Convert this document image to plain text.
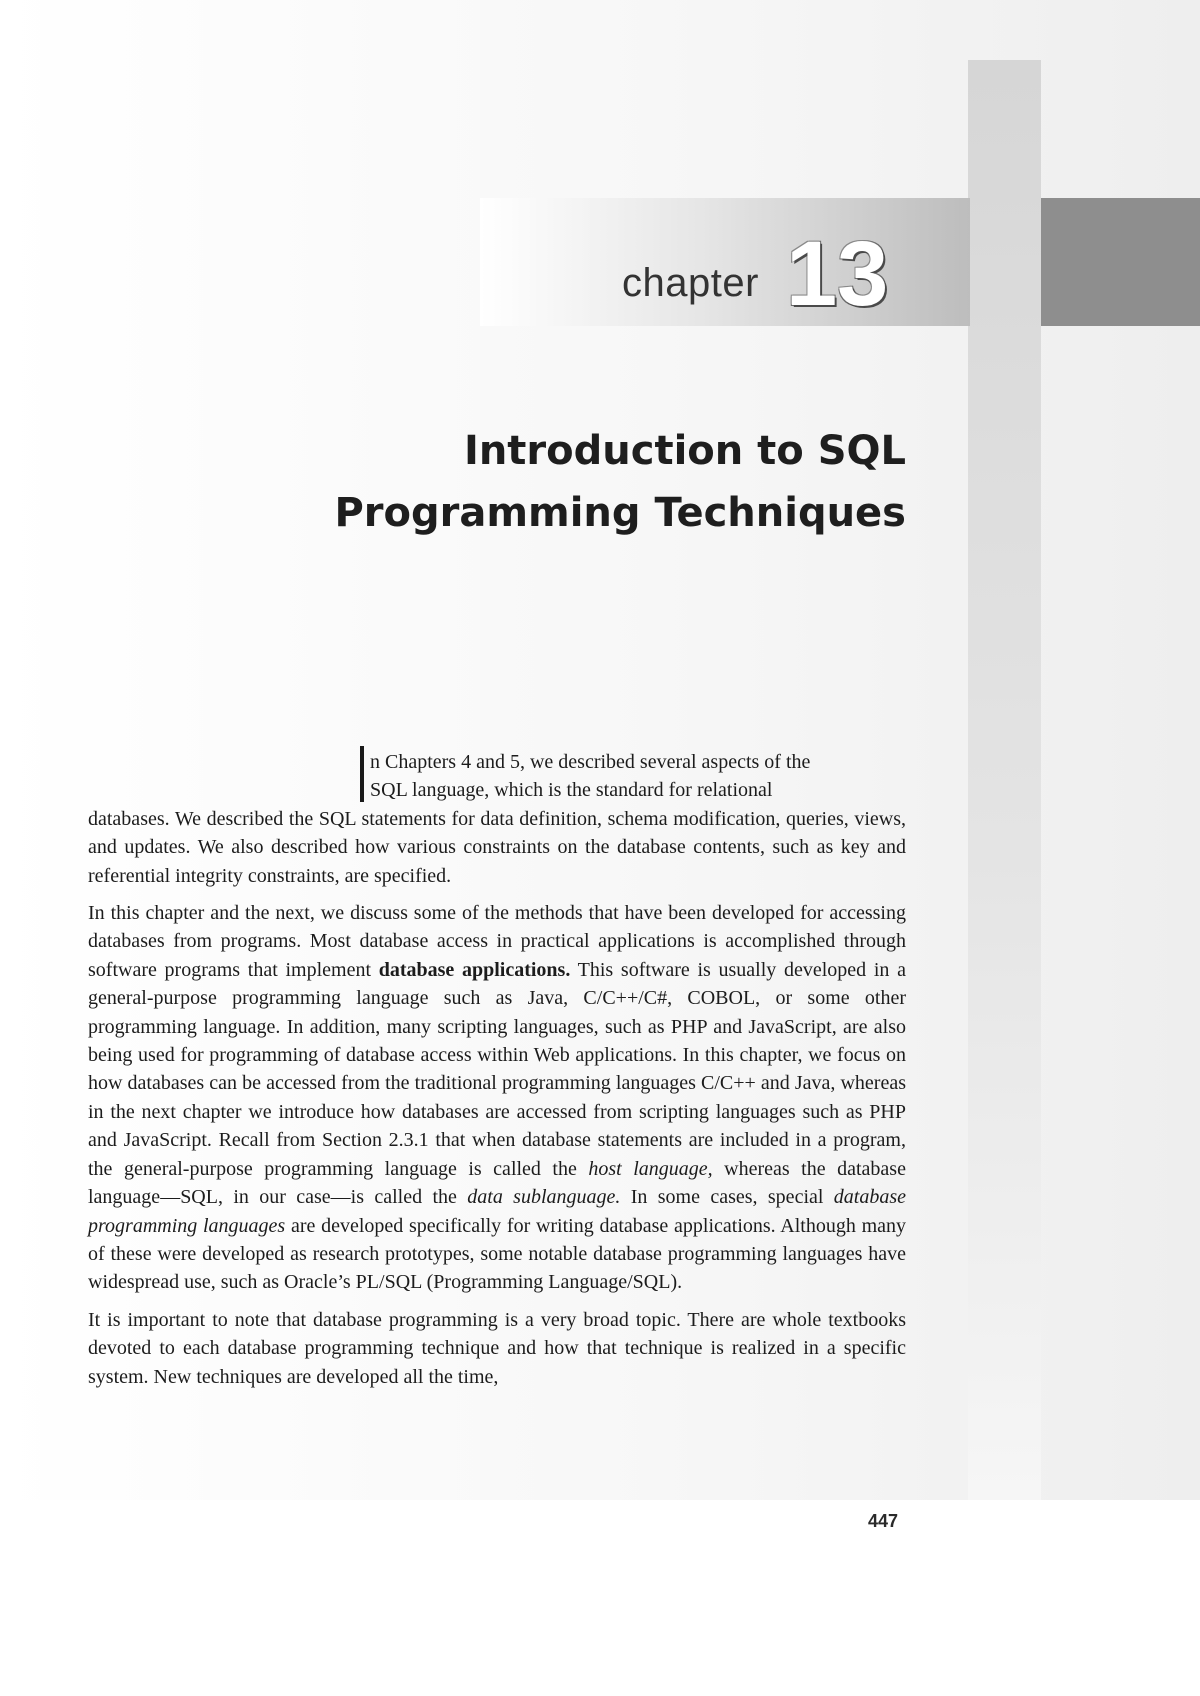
chapter 13
Introduction to SQL
Programming Techniques

n Chapters 4 and 5, we described several aspects of the
SQL language, which is the standard for relational
databases. We described the SQL statements for data definition, schema modification, queries, views, and updates. We also described how various constraints on the database contents, such as key and referential integrity constraints, are specified.

In this chapter and the next, we discuss some of the methods that have been developed for accessing databases from programs. Most database access in practical applications is accomplished through software programs that implement database applications. This software is usually developed in a general-purpose programming language such as Java, C/C++/C#, COBOL, or some other programming language. In addition, many scripting languages, such as PHP and JavaScript, are also being used for programming of database access within Web applications. In this chapter, we focus on how databases can be accessed from the traditional programming languages C/C++ and Java, whereas in the next chapter we introduce how databases are accessed from scripting languages such as PHP and JavaScript. Recall from Section 2.3.1 that when database statements are included in a program, the general-purpose programming language is called the host language, whereas the database language—SQL, in our case—is called the data sublanguage. In some cases, special database programming languages are developed specifically for writing database applications. Although many of these were developed as research prototypes, some notable database programming languages have widespread use, such as Oracle’s PL/SQL (Programming Language/SQL).

It is important to note that database programming is a very broad topic. There are whole textbooks devoted to each database programming technique and how that technique is realized in a specific system. New techniques are developed all the time,

447
